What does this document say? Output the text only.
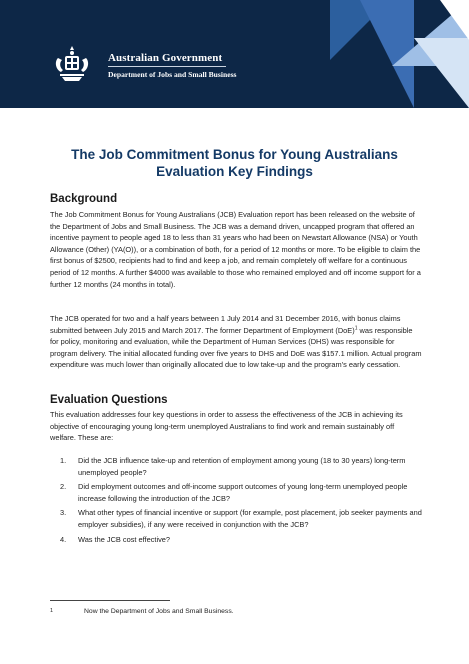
Australian Government
Department of Jobs and Small Business
The Job Commitment Bonus for Young Australians
Evaluation Key Findings
Background

The Job Commitment Bonus for Young Australians (JCB) Evaluation report has been released on the website of the Department of Jobs and Small Business. The JCB was a demand driven, uncapped program that offered an incentive payment to people aged 18 to less than 31 years who had been on Newstart Allowance (NSA) or Youth Allowance (Other) (YA(O)), or a combination of both, for a period of 12 months or more. To be eligible to claim the first bonus of $2500, recipients had to find and keep a job, and remain completely off welfare for a continuous period of 12 months. A further $4000 was available to those who remained employed and off income support for a further 12 months (24 months in total).

The JCB operated for two and a half years between 1 July 2014 and 31 December 2016, with bonus claims submitted between July 2015 and March 2017. The former Department of Employment (DoE)$^1$ was responsible for policy, monitoring and evaluation, while the Department of Human Services (DHS) was responsible for program delivery. The initial allocated funding over five years to DHS and DoE was $157.1 million. Actual program expenditure was much lower than originally allocated due to low take-up and the program's early cessation.

Evaluation Questions

This evaluation addresses four key questions in order to assess the effectiveness of the JCB in achieving its objective of encouraging young long-term unemployed Australians to find work and remain sustainably off welfare. These are:

1. Did the JCB influence take-up and retention of employment among young (18 to 30 years) long-term unemployed people?
2. Did employment outcomes and off-income support outcomes of young long-term unemployed people increase following the introduction of the JCB?
3. What other types of financial incentive or support (for example, post placement, job seeker payments and employer subsidies), if any were received in conjunction with the JCB?
4. Was the JCB cost effective?
1	Now the Department of Jobs and Small Business.
